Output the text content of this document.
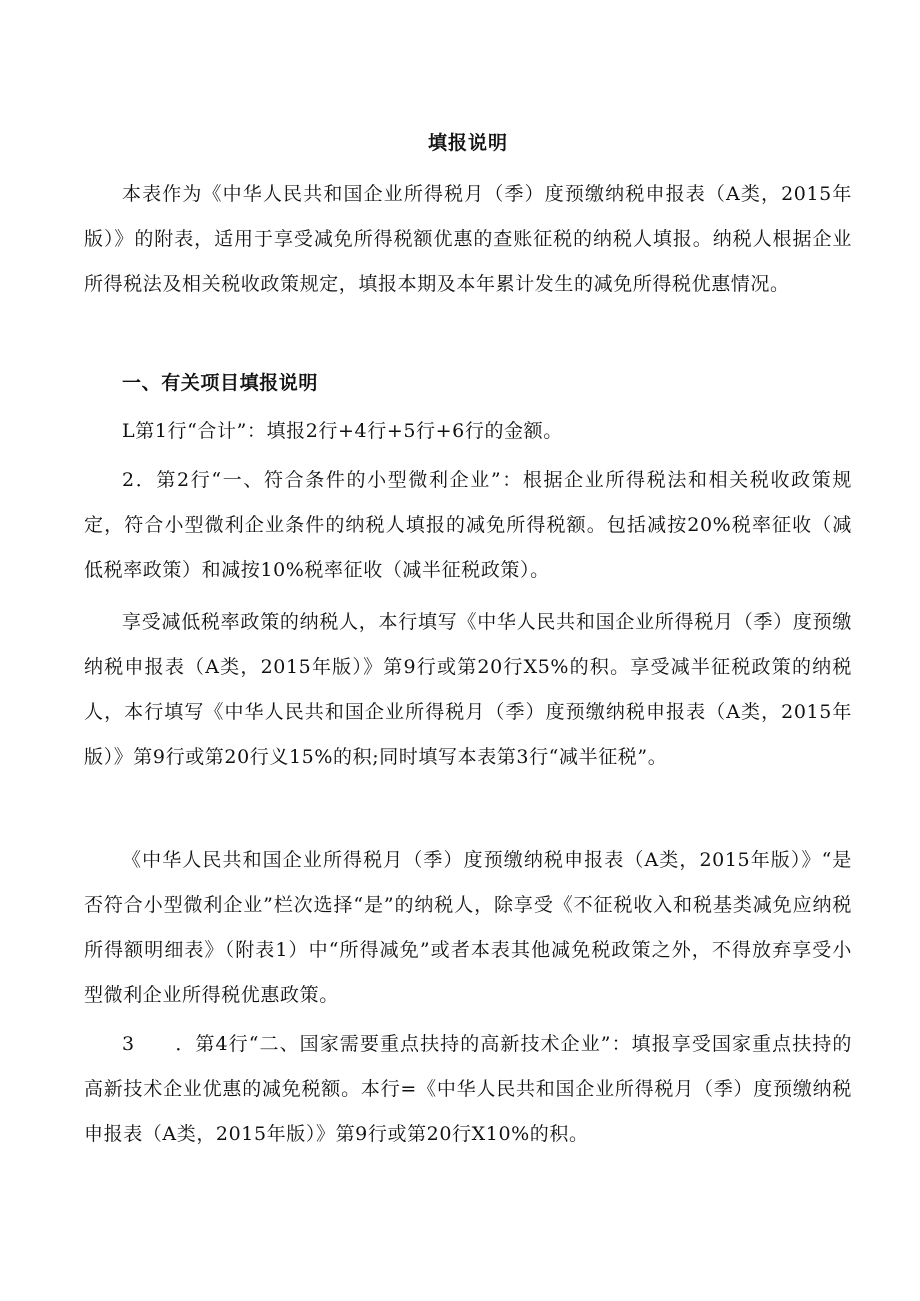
填报说明

本表作为《中华人民共和国企业所得税月（季）度预缴纳税申报表（A类，2015年版）》的附表，适用于享受减免所得税额优惠的查账征税的纳税人填报。纳税人根据企业所得税法及相关税收政策规定，填报本期及本年累计发生的减免所得税优惠情况。

一、有关项目填报说明

L第1行“合计”：填报2行+4行+5行+6行的金额。

2．第2行“一、符合条件的小型微利企业”：根据企业所得税法和相关税收政策规定，符合小型微利企业条件的纳税人填报的减免所得税额。包括减按20%税率征收（减低税率政策）和减按10%税率征收（减半征税政策）。

享受减低税率政策的纳税人，本行填写《中华人民共和国企业所得税月（季）度预缴纳税申报表（A类，2015年版）》第9行或第20行X5%的积。享受减半征税政策的纳税人，本行填写《中华人民共和国企业所得税月（季）度预缴纳税申报表（A类，2015年版）》第9行或第20行义15%的积;同时填写本表第3行“减半征税”。

《中华人民共和国企业所得税月（季）度预缴纳税申报表（A类，2015年版）》“是否符合小型微利企业”栏次选择“是”的纳税人，除享受《不征税收入和税基类减免应纳税所得额明细表》（附表1）中“所得减免”或者本表其他减免税政策之外，不得放弃享受小型微利企业所得税优惠政策。

3　　．第4行“二、国家需要重点扶持的高新技术企业”：填报享受国家重点扶持的高新技术企业优惠的减免税额。本行=《中华人民共和国企业所得税月（季）度预缴纳税申报表（A类，2015年版）》第9行或第20行X10%的积。
